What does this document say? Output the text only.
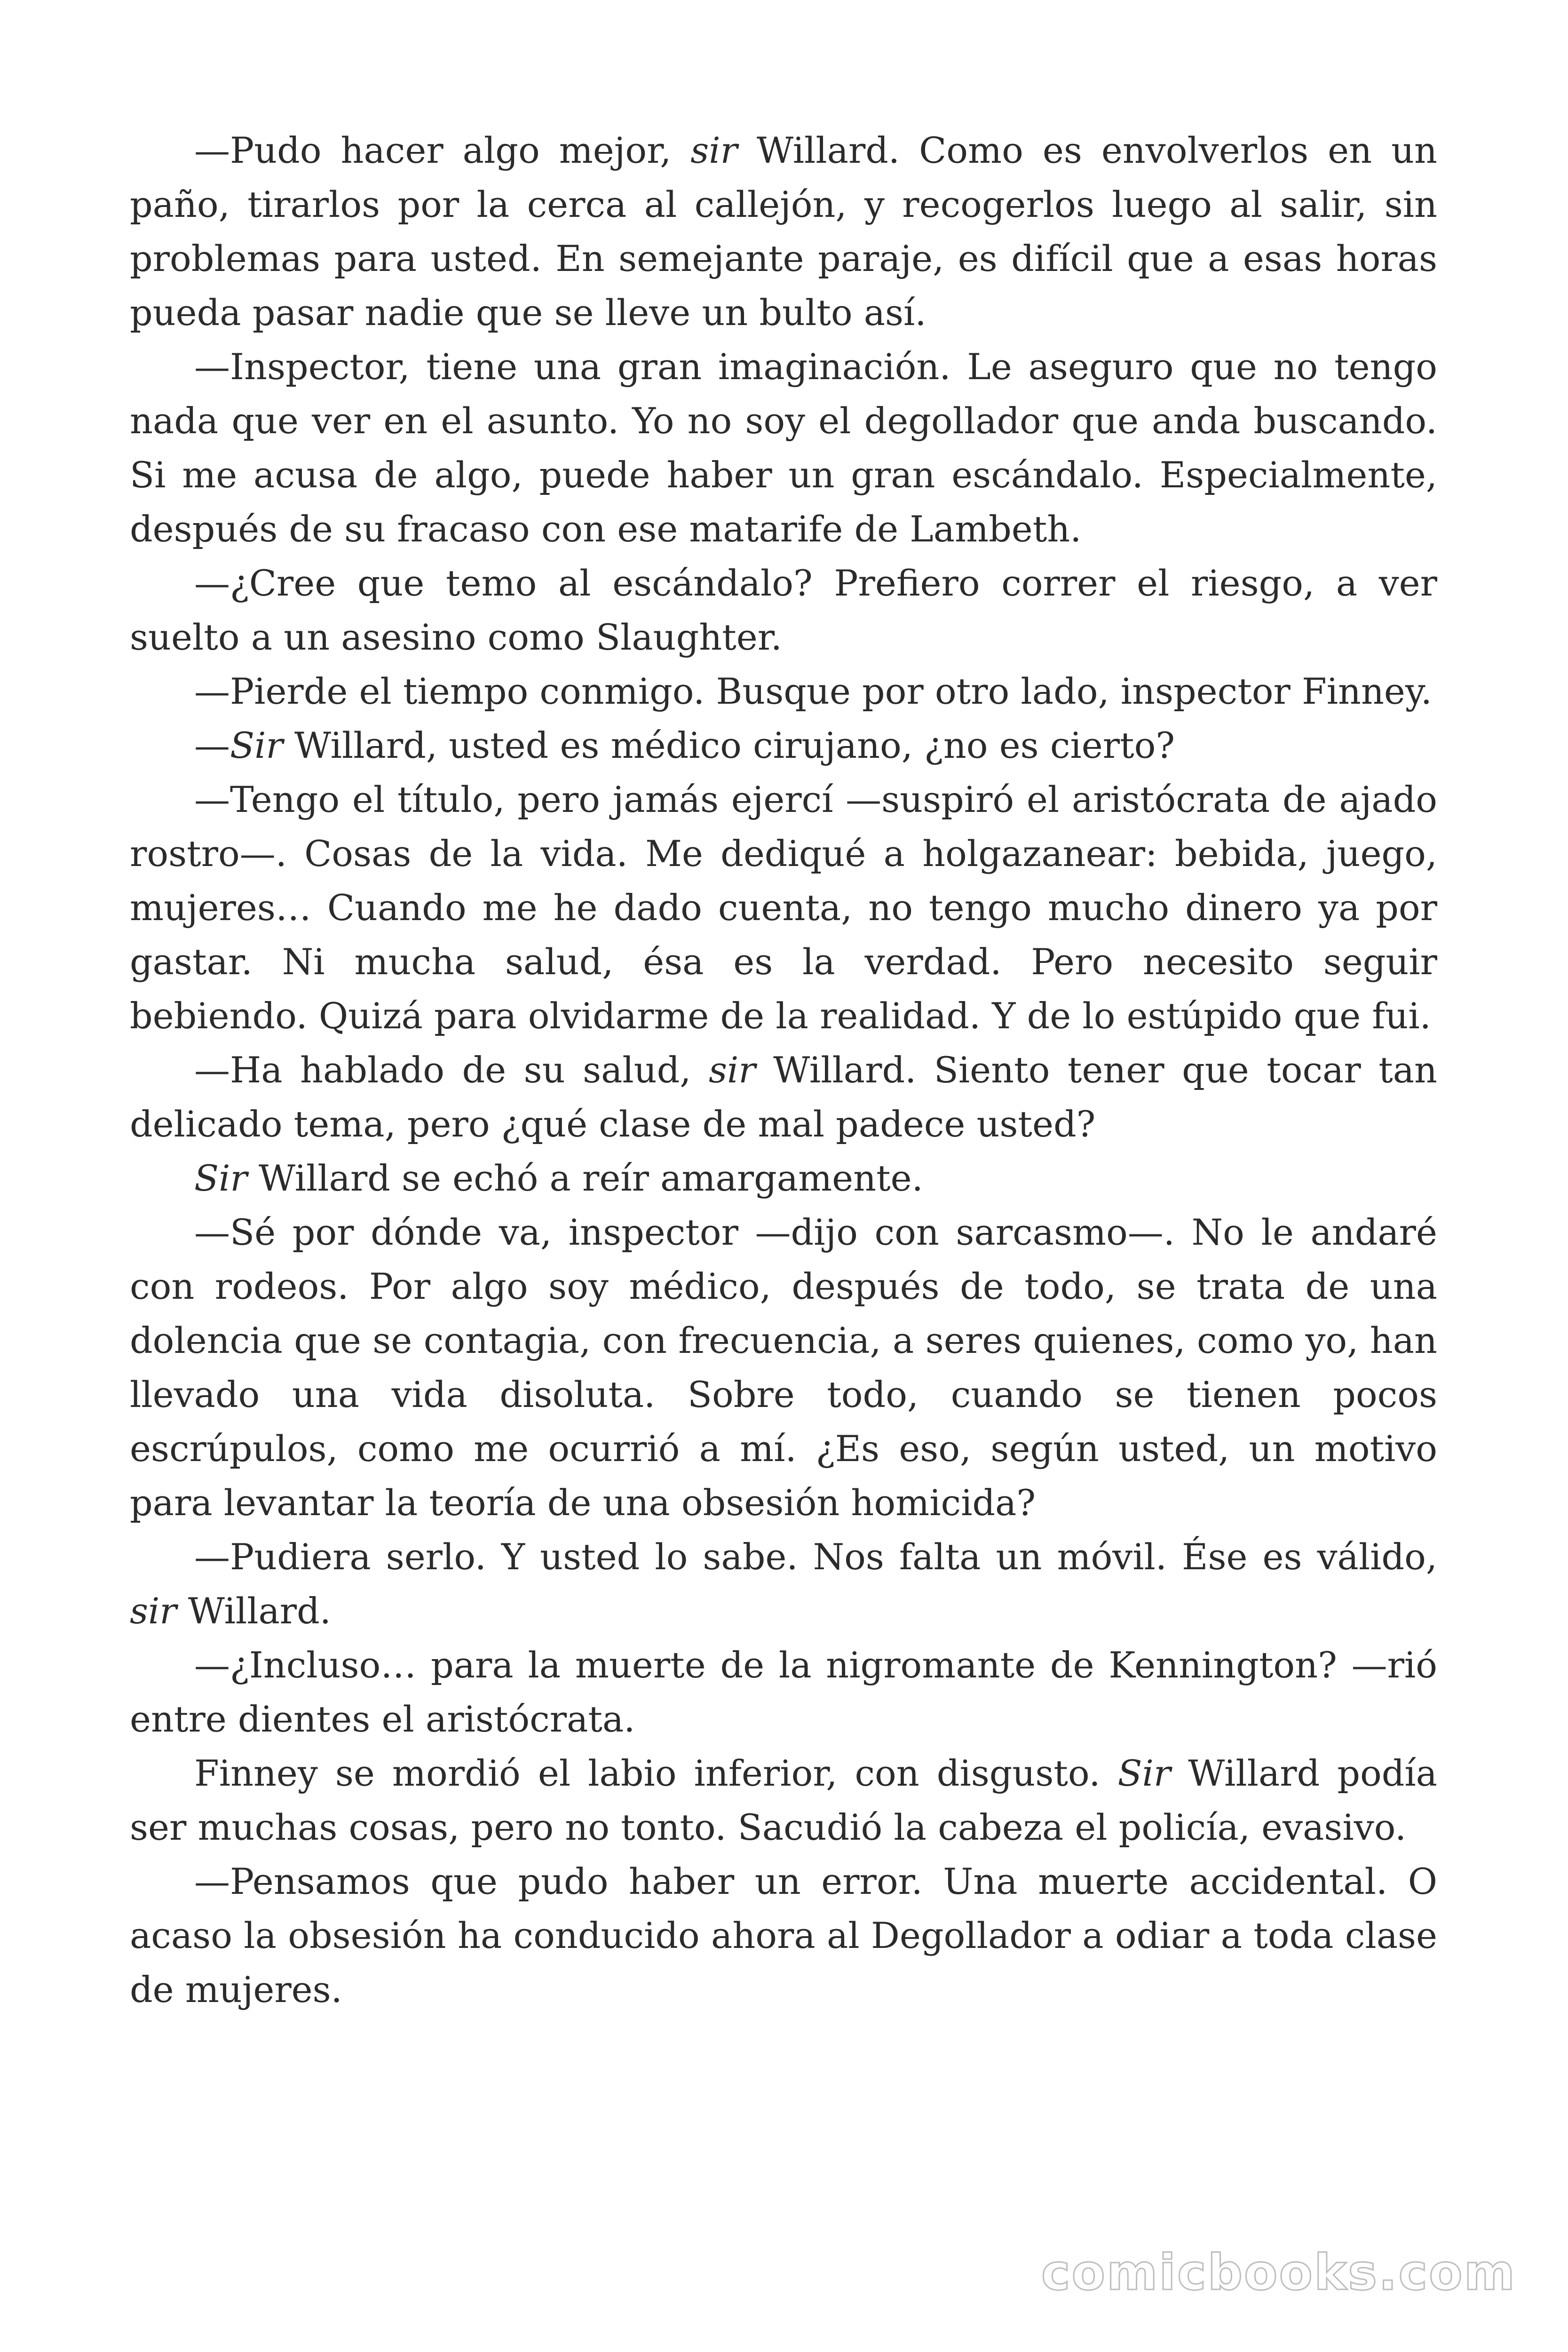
—Pudo hacer algo mejor, sir Willard. Como es envolverlos en un paño, tirarlos por la cerca al callejón, y recogerlos luego al salir, sin problemas para usted. En semejante paraje, es difícil que a esas horas pueda pasar nadie que se lleve un bulto así.

—Inspector, tiene una gran imaginación. Le aseguro que no tengo nada que ver en el asunto. Yo no soy el degollador que anda buscando. Si me acusa de algo, puede haber un gran escándalo. Especialmente, después de su fracaso con ese matarife de Lambeth.

—¿Cree que temo al escándalo? Prefiero correr el riesgo, a ver suelto a un asesino como Slaughter.

—Pierde el tiempo conmigo. Busque por otro lado, inspector Finney.

—Sir Willard, usted es médico cirujano, ¿no es cierto?

—Tengo el título, pero jamás ejercí —suspiró el aristócrata de ajado rostro—. Cosas de la vida. Me dediqué a holgazanear: bebida, juego, mujeres… Cuando me he dado cuenta, no tengo mucho dinero ya por gastar. Ni mucha salud, ésa es la verdad. Pero necesito seguir bebiendo. Quizá para olvidarme de la realidad. Y de lo estúpido que fui.

—Ha hablado de su salud, sir Willard. Siento tener que tocar tan delicado tema, pero ¿qué clase de mal padece usted?

Sir Willard se echó a reír amargamente.

—Sé por dónde va, inspector —dijo con sarcasmo—. No le andaré con rodeos. Por algo soy médico, después de todo, se trata de una dolencia que se contagia, con frecuencia, a seres quienes, como yo, han llevado una vida disoluta. Sobre todo, cuando se tienen pocos escrúpulos, como me ocurrió a mí. ¿Es eso, según usted, un motivo para levantar la teoría de una obsesión homicida?

—Pudiera serlo. Y usted lo sabe. Nos falta un móvil. Ése es válido, sir Willard.

—¿Incluso… para la muerte de la nigromante de Kennington? —rió entre dientes el aristócrata.

Finney se mordió el labio inferior, con disgusto. Sir Willard podía ser muchas cosas, pero no tonto. Sacudió la cabeza el policía, evasivo.

—Pensamos que pudo haber un error. Una muerte accidental. O acaso la obsesión ha conducido ahora al Degollador a odiar a toda clase de mujeres.

comicbooks.com
